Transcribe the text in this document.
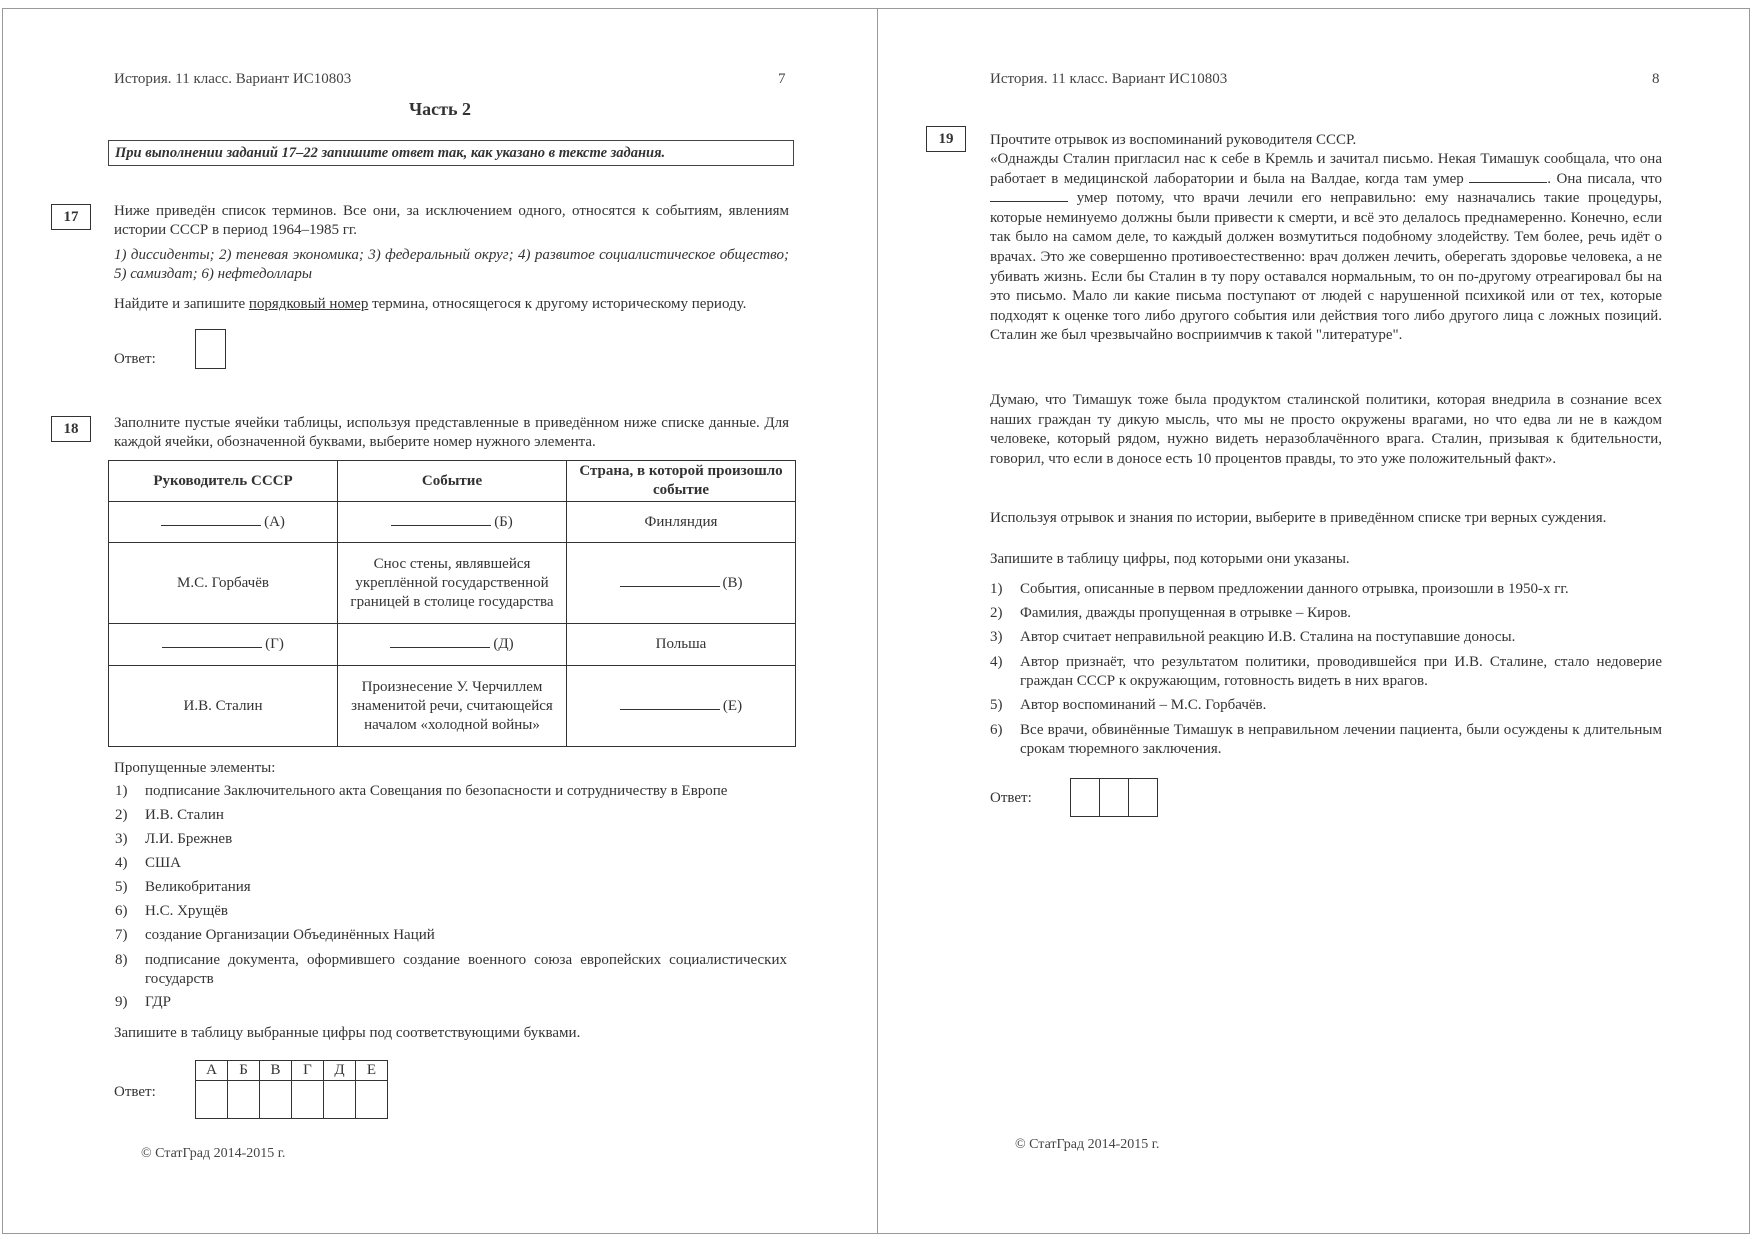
История. 11 класс. Вариант ИС10803	7
Часть 2
При выполнении заданий 17–22 запишите ответ так, как указано в тексте задания.
17	Ниже приведён список терминов. Все они, за исключением одного, относятся к событиям, явлениям истории СССР в период 1964–1985 гг.
1) диссиденты; 2) теневая экономика; 3) федеральный округ; 4) развитое социалистическое общество; 5) самиздат; 6) нефтедоллары
Найдите и запишите порядковый номер термина, относящегося к другому историческому периоду.
Ответ:
18	Заполните пустые ячейки таблицы, используя представленные в приведённом ниже списке данные. Для каждой ячейки, обозначенной буквами, выберите номер нужного элемента.
Руководитель СССР	Событие	Страна, в которой произошло событие
(А)	(Б)	Финляндия
М.С. Горбачёв	Снос стены, являвшейся укреплённой государственной границей в столице государства	(В)
(Г)	(Д)	Польша
И.В. Сталин	Произнесение У. Черчиллем знаменитой речи, считающейся началом «холодной войны»	(Е)
Пропущенные элементы:
1) подписание Заключительного акта Совещания по безопасности и сотрудничеству в Европе
2) И.В. Сталин
3) Л.И. Брежнев
4) США
5) Великобритания
6) Н.С. Хрущёв
7) создание Организации Объединённых Наций
8) подписание документа, оформившего создание военного союза европейских социалистических государств
9) ГДР
Запишите в таблицу выбранные цифры под соответствующими буквами.
Ответ:
А	Б	В	Г	Д	Е

© СтатГрад 2014-2015 г.
История. 11 класс. Вариант ИС10803	8
19	Прочтите отрывок из воспоминаний руководителя СССР.
«Однажды Сталин пригласил нас к себе в Кремль и зачитал письмо. Некая Тимашук сообщала, что она работает в медицинской лаборатории и была на Валдае, когда там умер	. Она писала, что  умер потому, что врачи лечили его неправильно: ему назначались такие процедуры, которые неминуемо должны были привести к смерти, и всё это делалось преднамеренно. Конечно, если так было на самом деле, то каждый должен возмутиться подобному злодейству. Тем более, речь идёт о врачах. Это же совершенно противоестественно: врач должен лечить, оберегать здоровье человека, а не убивать жизнь. Если бы Сталин в ту пору оставался нормальным, то он по-другому отреагировал бы на это письмо. Мало ли какие письма поступают от людей с нарушенной психикой или от тех, которые подходят к оценке того либо другого события или действия того либо другого лица с ложных позиций. Сталин же был чрезвычайно восприимчив к такой "литературе".
Думаю, что Тимашук тоже была продуктом сталинской политики, которая внедрила в сознание всех наших граждан ту дикую мысль, что мы не просто окружены врагами, но что едва ли не в каждом человеке, который рядом, нужно видеть неразоблачённого врага. Сталин, призывая к бдительности, говорил, что если в доносе есть 10 процентов правды, то это уже положительный факт».
Используя отрывок и знания по истории, выберите в приведённом списке три верных суждения.
Запишите в таблицу цифры, под которыми они указаны.
1) События, описанные в первом предложении данного отрывка, произошли в 1950-х гг.
2) Фамилия, дважды пропущенная в отрывке – Киров.
3) Автор считает неправильной реакцию И.В. Сталина на поступавшие доносы.
4) Автор признаёт, что результатом политики, проводившейся при И.В. Сталине, стало недоверие граждан СССР к окружающим, готовность видеть в них врагов.
5) Автор воспоминаний – М.С. Горбачёв.
6) Все врачи, обвинённые Тимашук в неправильном лечении пациента, были осуждены к длительным срокам тюремного заключения.
Ответ:

© СтатГрад 2014-2015 г.
